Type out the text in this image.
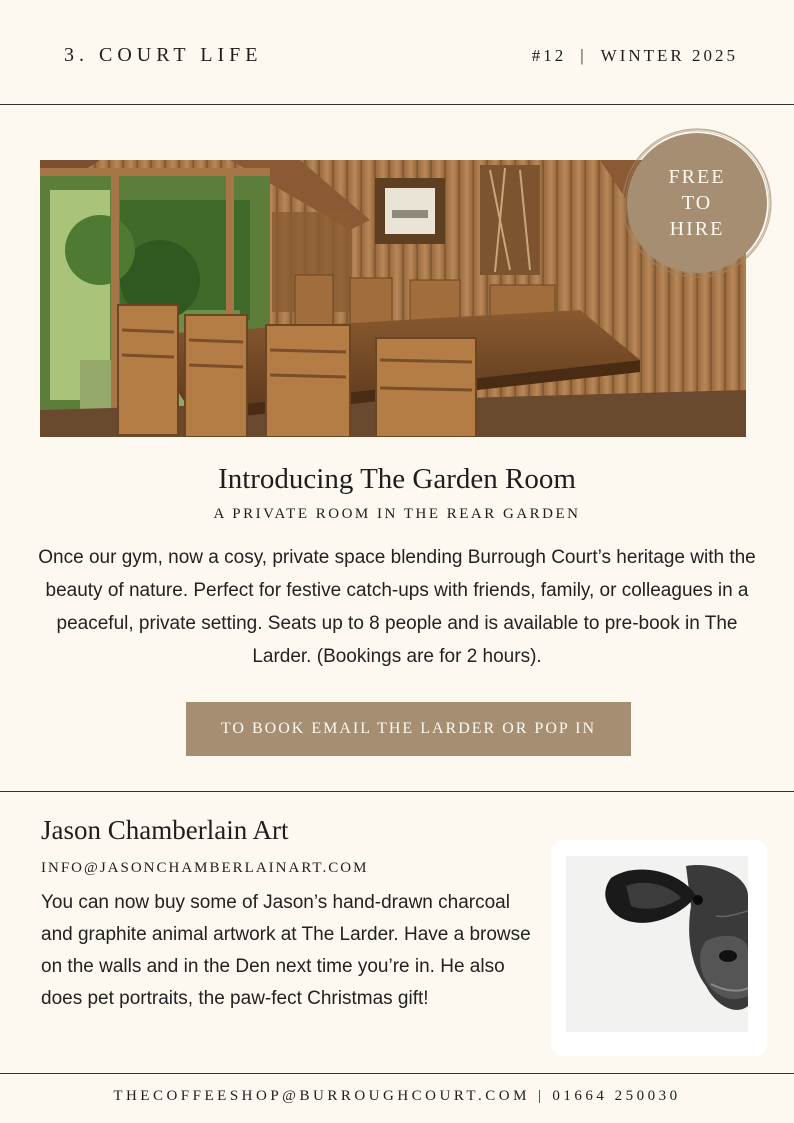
3. COURT LIFE	#12 | WINTER 2025
FREE
TO
HIRE
Introducing The Garden Room
A PRIVATE ROOM IN THE REAR GARDEN
Once our gym, now a cosy, private space blending Burrough Court’s heritage with the beauty of nature. Perfect for festive catch-ups with friends, family, or colleagues in a peaceful, private setting. Seats up to 8 people and is available to pre-book in The Larder. (Bookings are for 2 hours).
TO BOOK EMAIL THE LARDER OR POP IN
Jason Chamberlain Art
INFO@JASONCHAMBERLAINART.COM
You can now buy some of Jason’s hand-drawn charcoal and graphite animal artwork at The Larder. Have a browse on the walls and in the Den next time you’re in. He also does pet portraits, the paw-fect Christmas gift!
THECOFFEESHOP@BURROUGHCOURT.COM | 01664 250030
